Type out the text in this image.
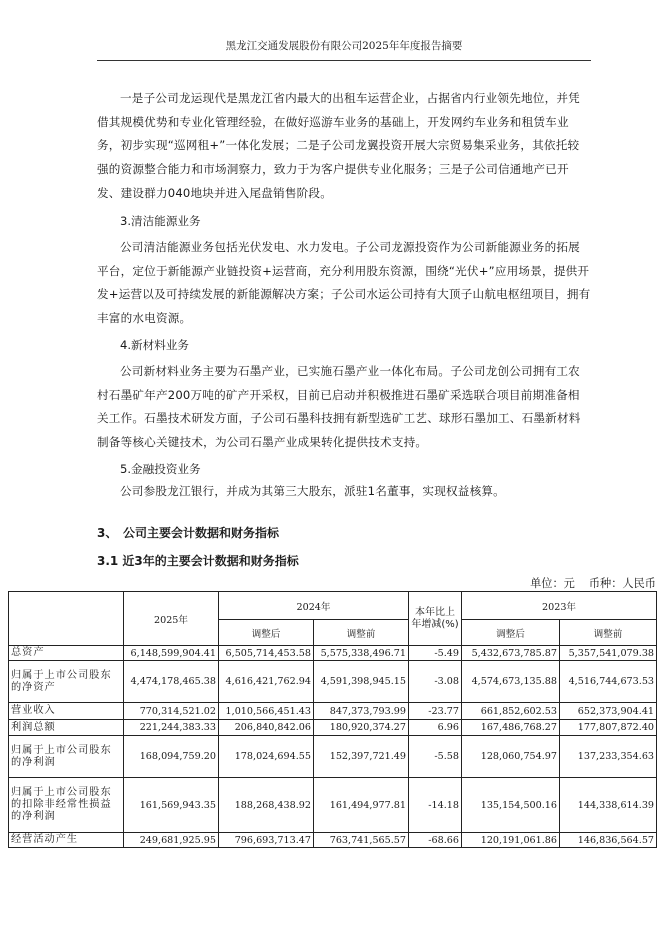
黑龙江交通发展股份有限公司2025年年度报告摘要

一是子公司龙运现代是黑龙江省内最大的出租车运营企业，占据省内行业领先地位，并凭借其规模优势和专业化管理经验，在做好巡游车业务的基础上，开发网约车业务和租赁车业务，初步实现“巡网租+”一体化发展；二是子公司龙翼投资开展大宗贸易集采业务，其依托较强的资源整合能力和市场洞察力，致力于为客户提供专业化服务；三是子公司信通地产已开发、建设群力040地块并进入尾盘销售阶段。

3.清洁能源业务

公司清洁能源业务包括光伏发电、水力发电。子公司龙源投资作为公司新能源业务的拓展平台，定位于新能源产业链投资+运营商，充分利用股东资源，围绕“光伏+”应用场景，提供开发+运营以及可持续发展的新能源解决方案；子公司水运公司持有大顶子山航电枢纽项目，拥有丰富的水电资源。

4.新材料业务

公司新材料业务主要为石墨产业，已实施石墨产业一体化布局。子公司龙创公司拥有工农村石墨矿年产200万吨的矿产开采权，目前已启动并积极推进石墨矿采选联合项目前期准备相关工作。石墨技术研发方面，子公司石墨科技拥有新型选矿工艺、球形石墨加工、石墨新材料制备等核心关键技术，为公司石墨产业成果转化提供技术支持。

5.金融投资业务

公司参股龙江银行，并成为其第三大股东，派驻1名董事，实现权益核算。

3、 公司主要会计数据和财务指标
3.1 近3年的主要会计数据和财务指标
单位：元 币种：人民币
	2025年	2024年		本年比上年增减(%)	2023年	
		调整后	调整前		调整后	调整前
总资产	6,148,599,904.41	6,505,714,453.58	5,575,338,496.71	-5.49	5,432,673,785.87	5,357,541,079.38
归属于上市公司股东的净资产	4,474,178,465.38	4,616,421,762.94	4,591,398,945.15	-3.08	4,574,673,135.88	4,516,744,673.53
营业收入	770,314,521.02	1,010,566,451.43	847,373,793.99	-23.77	661,852,602.53	652,373,904.41
利润总额	221,244,383.33	206,840,842.06	180,920,374.27	6.96	167,486,768.27	177,807,872.40
归属于上市公司股东的净利润	168,094,759.20	178,024,694.55	152,397,721.49	-5.58	128,060,754.97	137,233,354.63
归属于上市公司股东的扣除非经常性损益的净利润	161,569,943.35	188,268,438.92	161,494,977.81	-14.18	135,154,500.16	144,338,614.39
经营活动产生	249,681,925.95	796,693,713.47	763,741,565.57	-68.66	120,191,061.86	146,836,564.57
